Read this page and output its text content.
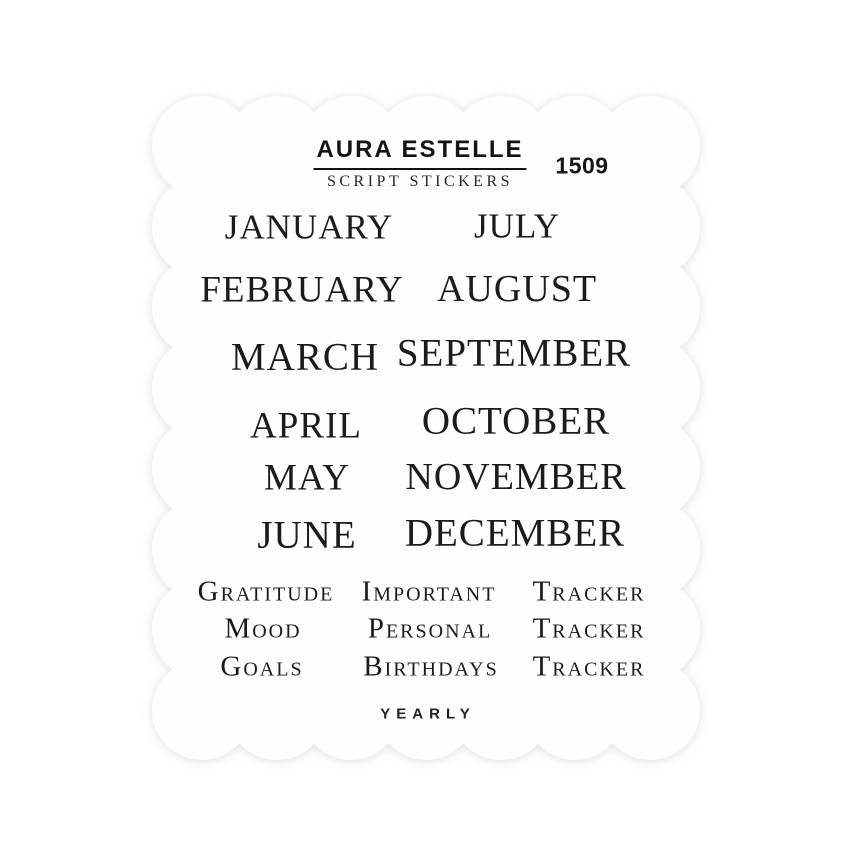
AURA ESTELLE
SCRIPT STICKERS
1509
JANUARY
FEBRUARY
MARCH
APRIL
MAY
JUNE
JULY
AUGUST
SEPTEMBER
OCTOBER
NOVEMBER
DECEMBER
Gratitude Important Tracker
Mood Personal Tracker
Goals Birthdays Tracker
YEARLY
